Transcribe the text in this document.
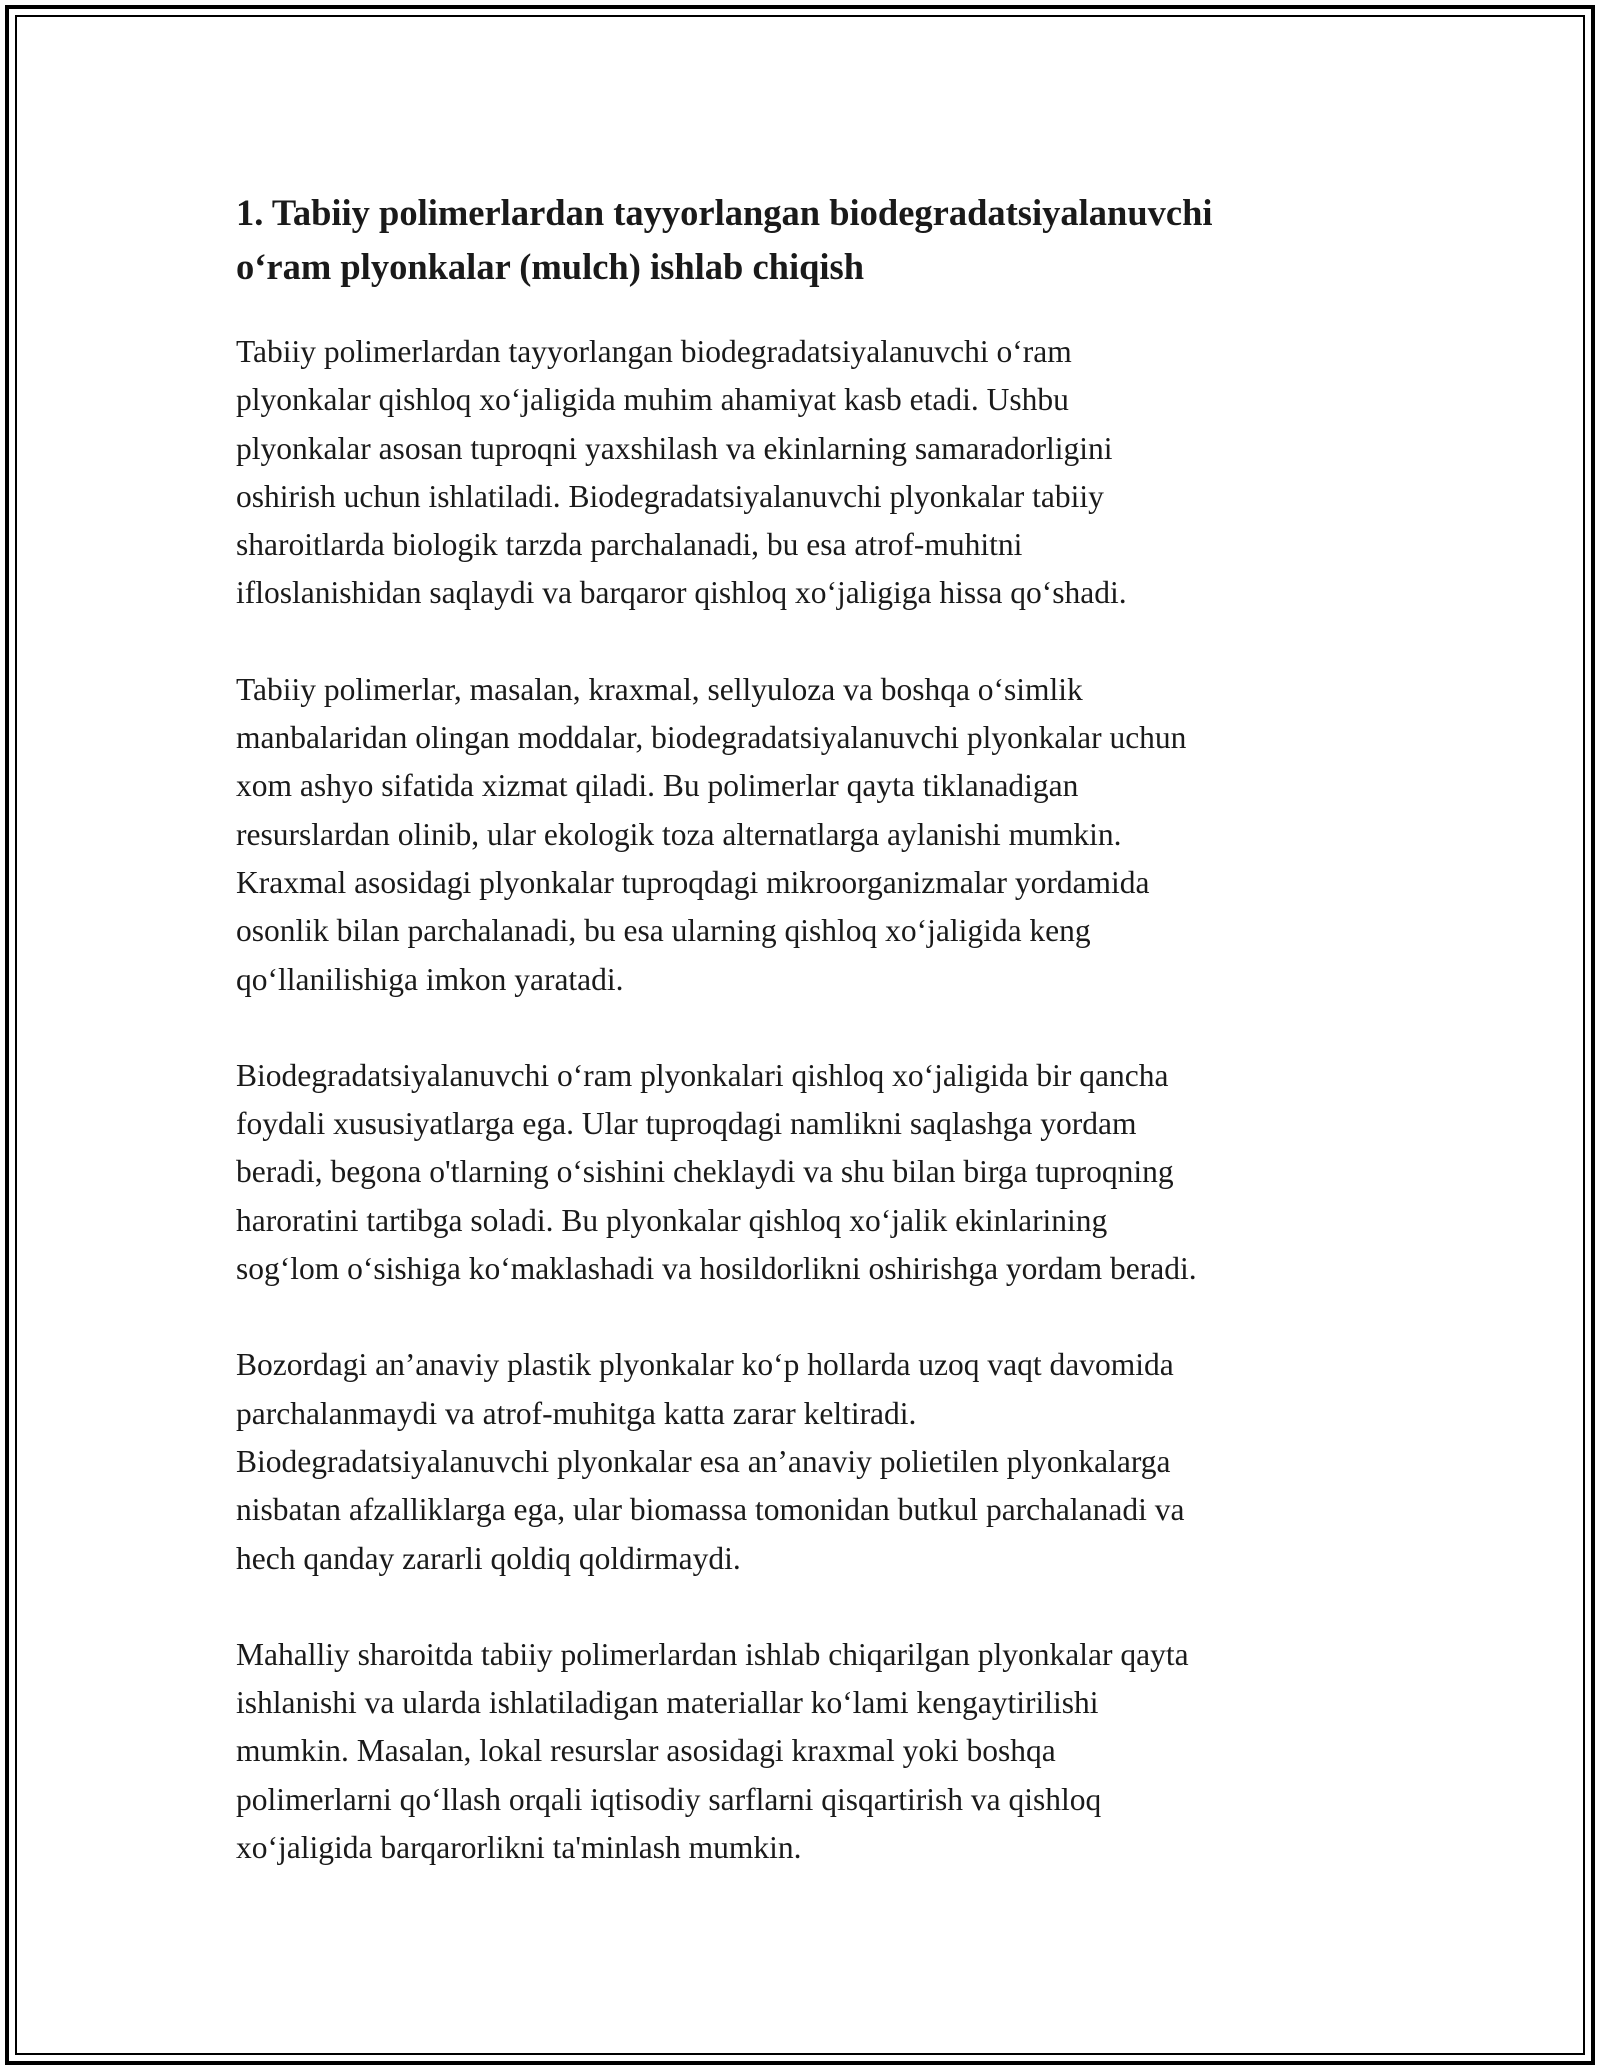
1. Tabiiy polimerlardan tayyorlangan biodegradatsiyalanuvchi
o‘ram plyonkalar (mulch) ishlab chiqish

Tabiiy polimerlardan tayyorlangan biodegradatsiyalanuvchi o‘ram
plyonkalar qishloq xo‘jaligida muhim ahamiyat kasb etadi. Ushbu
plyonkalar asosan tuproqni yaxshilash va ekinlarning samaradorligini
oshirish uchun ishlatiladi. Biodegradatsiyalanuvchi plyonkalar tabiiy
sharoitlarda biologik tarzda parchalanadi, bu esa atrof-muhitni
ifloslanishidan saqlaydi va barqaror qishloq xo‘jaligiga hissa qo‘shadi.

Tabiiy polimerlar, masalan, kraxmal, sellyuloza va boshqa o‘simlik
manbalaridan olingan moddalar, biodegradatsiyalanuvchi plyonkalar uchun
xom ashyo sifatida xizmat qiladi. Bu polimerlar qayta tiklanadigan
resurslardan olinib, ular ekologik toza alternatlarga aylanishi mumkin.
Kraxmal asosidagi plyonkalar tuproqdagi mikroorganizmalar yordamida
osonlik bilan parchalanadi, bu esa ularning qishloq xo‘jaligida keng
qo‘llanilishiga imkon yaratadi.

Biodegradatsiyalanuvchi o‘ram plyonkalari qishloq xo‘jaligida bir qancha
foydali xususiyatlarga ega. Ular tuproqdagi namlikni saqlashga yordam
beradi, begona o'tlarning o‘sishini cheklaydi va shu bilan birga tuproqning
haroratini tartibga soladi. Bu plyonkalar qishloq xo‘jalik ekinlarining
sog‘lom o‘sishiga ko‘maklashadi va hosildorlikni oshirishga yordam beradi.

Bozordagi an’anaviy plastik plyonkalar ko‘p hollarda uzoq vaqt davomida
parchalanmaydi va atrof-muhitga katta zarar keltiradi.
Biodegradatsiyalanuvchi plyonkalar esa an’anaviy polietilen plyonkalarga
nisbatan afzalliklarga ega, ular biomassa tomonidan butkul parchalanadi va
hech qanday zararli qoldiq qoldirmaydi.

Mahalliy sharoitda tabiiy polimerlardan ishlab chiqarilgan plyonkalar qayta
ishlanishi va ularda ishlatiladigan materiallar ko‘lami kengaytirilishi
mumkin. Masalan, lokal resurslar asosidagi kraxmal yoki boshqa
polimerlarni qo‘llash orqali iqtisodiy sarflarni qisqartirish va qishloq
xo‘jaligida barqarorlikni ta'minlash mumkin.
